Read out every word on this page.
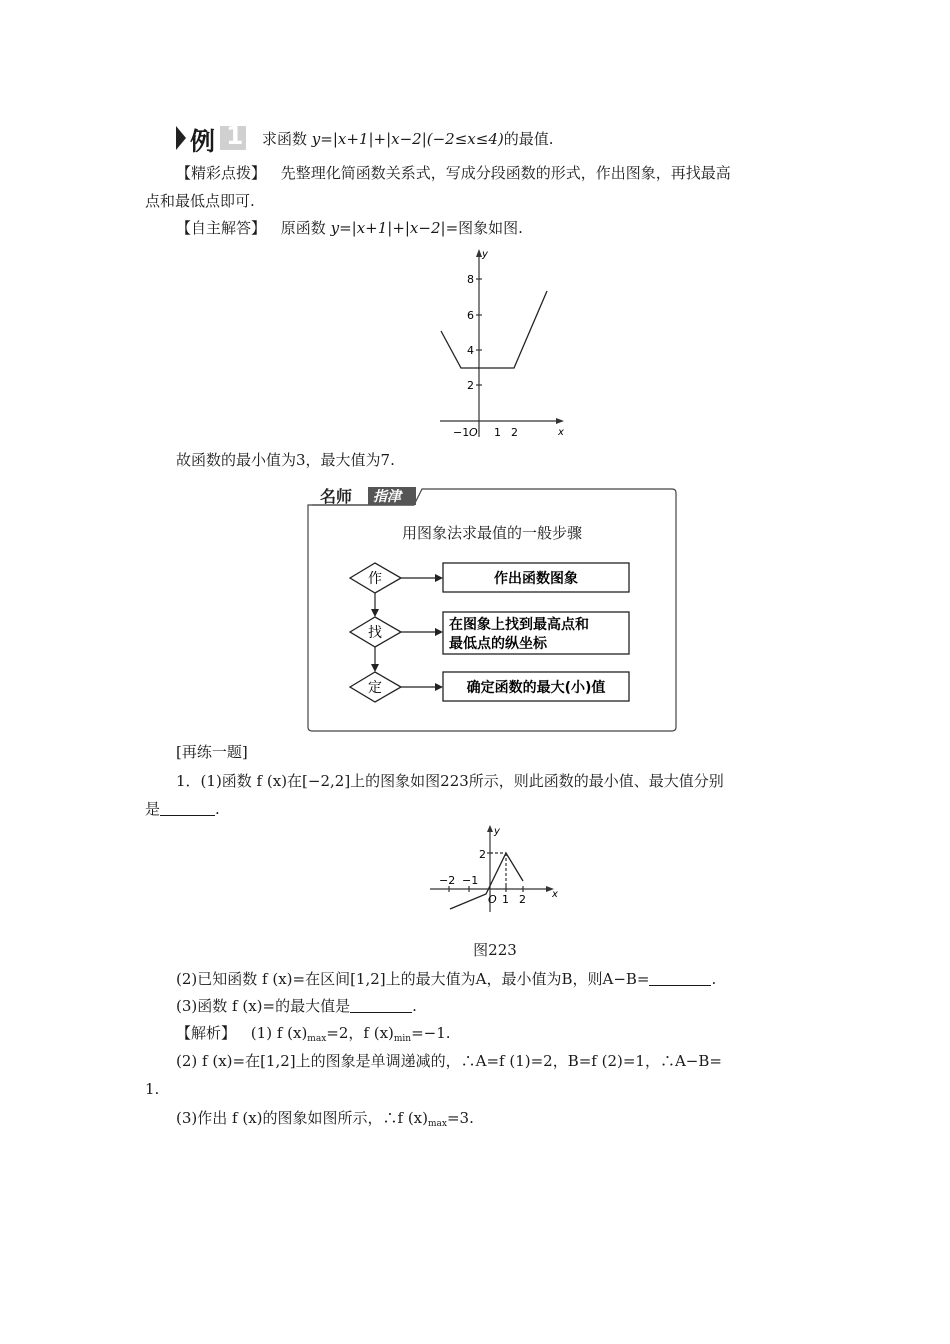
例 1 求函数 y=|x+1|+|x−2|(−2≤x≤4)的最值.
【精彩点拨】 先整理化简函数关系式，写成分段函数的形式，作出图象，再找最高
点和最低点即可.
【自主解答】 原函数 y=|x+1|+|x−2|=图象如图.
y
x
8
6
4
2
−1 O 1 2
故函数的最小值为3，最大值为7.
名师 指津
用图象法求最值的一般步骤
作
找
定
作出函数图象
在图象上找到最高点和
最低点的纵坐标
确定函数的最大(小)值
[再练一题]
1．(1)函数 f (x)在[−2,2]上的图象如图223所示，则此函数的最小值、最大值分别
是	.
y
x
2
−2 −1
O 1 2
图223
(2)已知函数 f (x)=在区间[1,2]上的最大值为A，最小值为B，则A−B=	.
(3)函数 f (x)=的最大值是	.
【解析】 (1) f $(x)_{max}=2$，f $(x)_{min}=-1$.
(2) f (x)=在[1,2]上的图象是单调递减的，∴A=f (1)=2，B=f (2)=1，∴A−B=
1.
(3)作出 f (x)的图象如图所示，∴f $(x)_{max}=3$.
